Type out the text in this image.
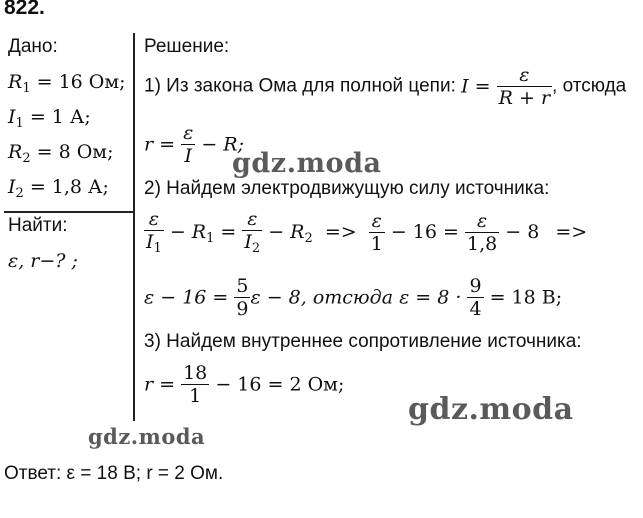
822.
Дано:
$R_1 = 16$ Ом;
$I_1 = 1$ А;
$R_2 = 8$ Ом;
$I_2 = 1,8$ А;
Найти:
ε, r−? ;
Решение:
1) Из закона Ома для полной цепи: $I = \frac{\varepsilon}{R + r}$ , отсюда
$r = \frac{\varepsilon}{I} - R$;
2) Найдем электродвижущую силу источника:
$\frac{\varepsilon}{I_1} - R_1 = \frac{\varepsilon}{I_2} - R_2 => \frac{\varepsilon}{1} - 16 = \frac{\varepsilon}{1,8} - 8$ =>
$\varepsilon - 16 = \frac{5}{9}$ ε − 8, отсюда $\varepsilon = 8 \cdot \frac{9}{4} = 18$ В;
3) Найдем внутреннее сопротивление источника:
$r = \frac{18}{1} - 16 = 2$ Ом;
Ответ: ε = 18 В; r = 2 Ом.
gdz.moda
gdz.moda
gdz.moda
